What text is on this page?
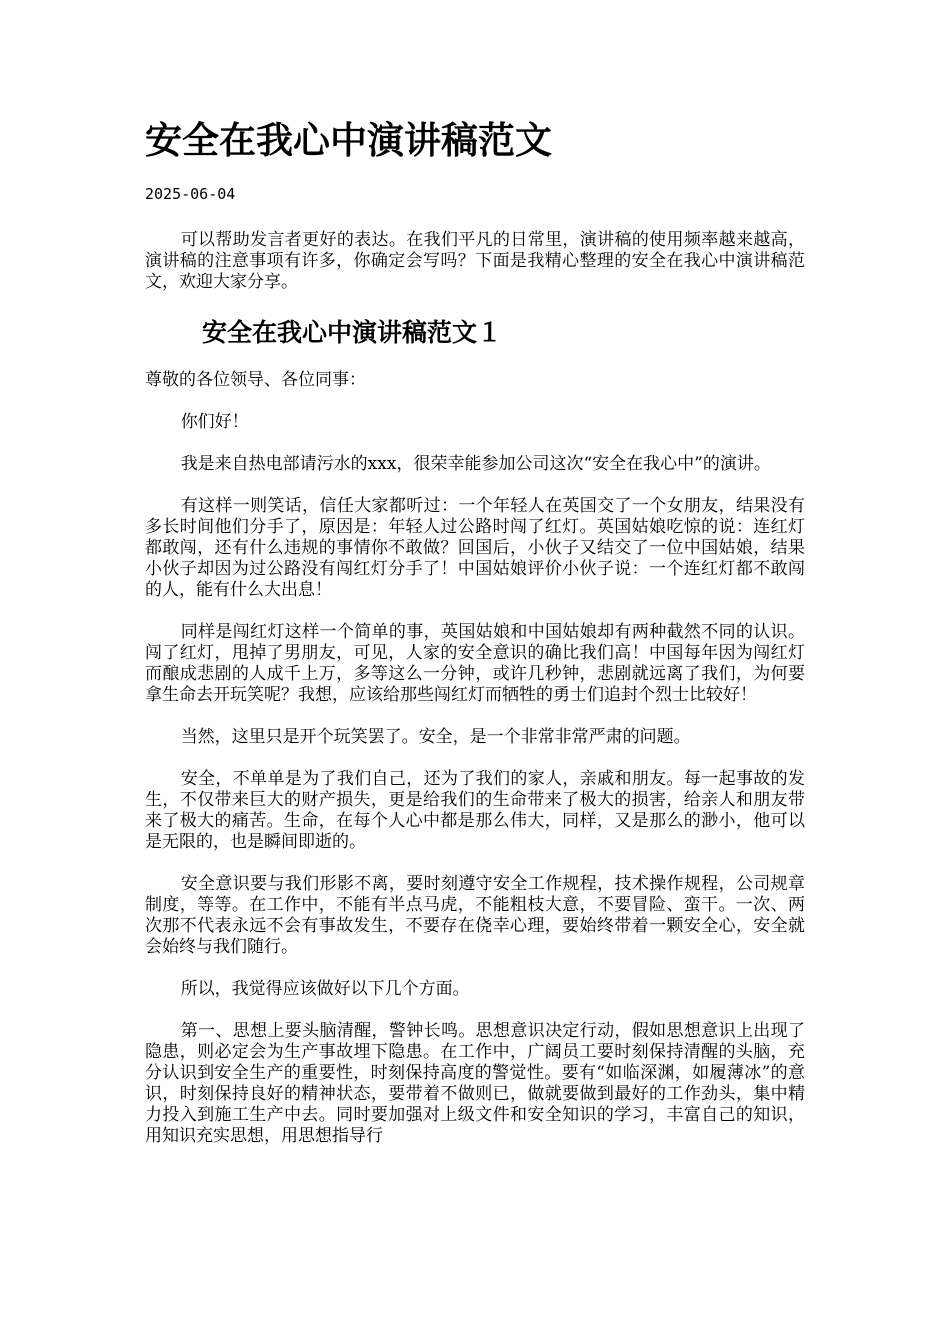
安全在我心中演讲稿范文
2025-06-04

可以帮助发言者更好的表达。在我们平凡的日常里，演讲稿的使用频率越来越高，演讲稿的注意事项有许多，你确定会写吗？下面是我精心整理的安全在我心中演讲稿范文，欢迎大家分享。

安全在我心中演讲稿范文１

尊敬的各位领导、各位同事：

你们好！

我是来自热电部请污水的xxx，很荣幸能参加公司这次“安全在我心中”的演讲。

有这样一则笑话，信任大家都听过：一个年轻人在英国交了一个女朋友，结果没有多长时间他们分手了，原因是：年轻人过公路时闯了红灯。英国姑娘吃惊的说：连红灯都敢闯，还有什么违规的事情你不敢做？回国后，小伙子又结交了一位中国姑娘，结果小伙子却因为过公路没有闯红灯分手了！中国姑娘评价小伙子说：一个连红灯都不敢闯的人，能有什么大出息！

同样是闯红灯这样一个简单的事，英国姑娘和中国姑娘却有两种截然不同的认识。闯了红灯，甩掉了男朋友，可见，人家的安全意识的确比我们高！中国每年因为闯红灯而酿成悲剧的人成千上万，多等这么一分钟，或许几秒钟，悲剧就远离了我们，为何要拿生命去开玩笑呢？我想，应该给那些闯红灯而牺牲的勇士们追封个烈士比较好！

当然，这里只是开个玩笑罢了。安全，是一个非常非常严肃的问题。

安全，不单单是为了我们自己，还为了我们的家人，亲戚和朋友。每一起事故的发生，不仅带来巨大的财产损失，更是给我们的生命带来了极大的损害，给亲人和朋友带来了极大的痛苦。生命，在每个人心中都是那么伟大，同样，又是那么的渺小，他可以是无限的，也是瞬间即逝的。

安全意识要与我们形影不离，要时刻遵守安全工作规程，技术操作规程，公司规章制度，等等。在工作中，不能有半点马虎，不能粗枝大意，不要冒险、蛮干。一次、两次那不代表永远不会有事故发生，不要存在侥幸心理，要始终带着一颗安全心，安全就会始终与我们随行。

所以，我觉得应该做好以下几个方面。

第一、思想上要头脑清醒，警钟长鸣。思想意识决定行动，假如思想意识上出现了隐患，则必定会为生产事故埋下隐患。在工作中，广阔员工要时刻保持清醒的头脑，充分认识到安全生产的重要性，时刻保持高度的警觉性。要有“如临深渊，如履薄冰”的意识，时刻保持良好的精神状态，要带着不做则已，做就要做到最好的工作劲头，集中精力投入到施工生产中去。同时要加强对上级文件和安全知识的学习，丰富自己的知识，用知识充实思想，用思想指导行
